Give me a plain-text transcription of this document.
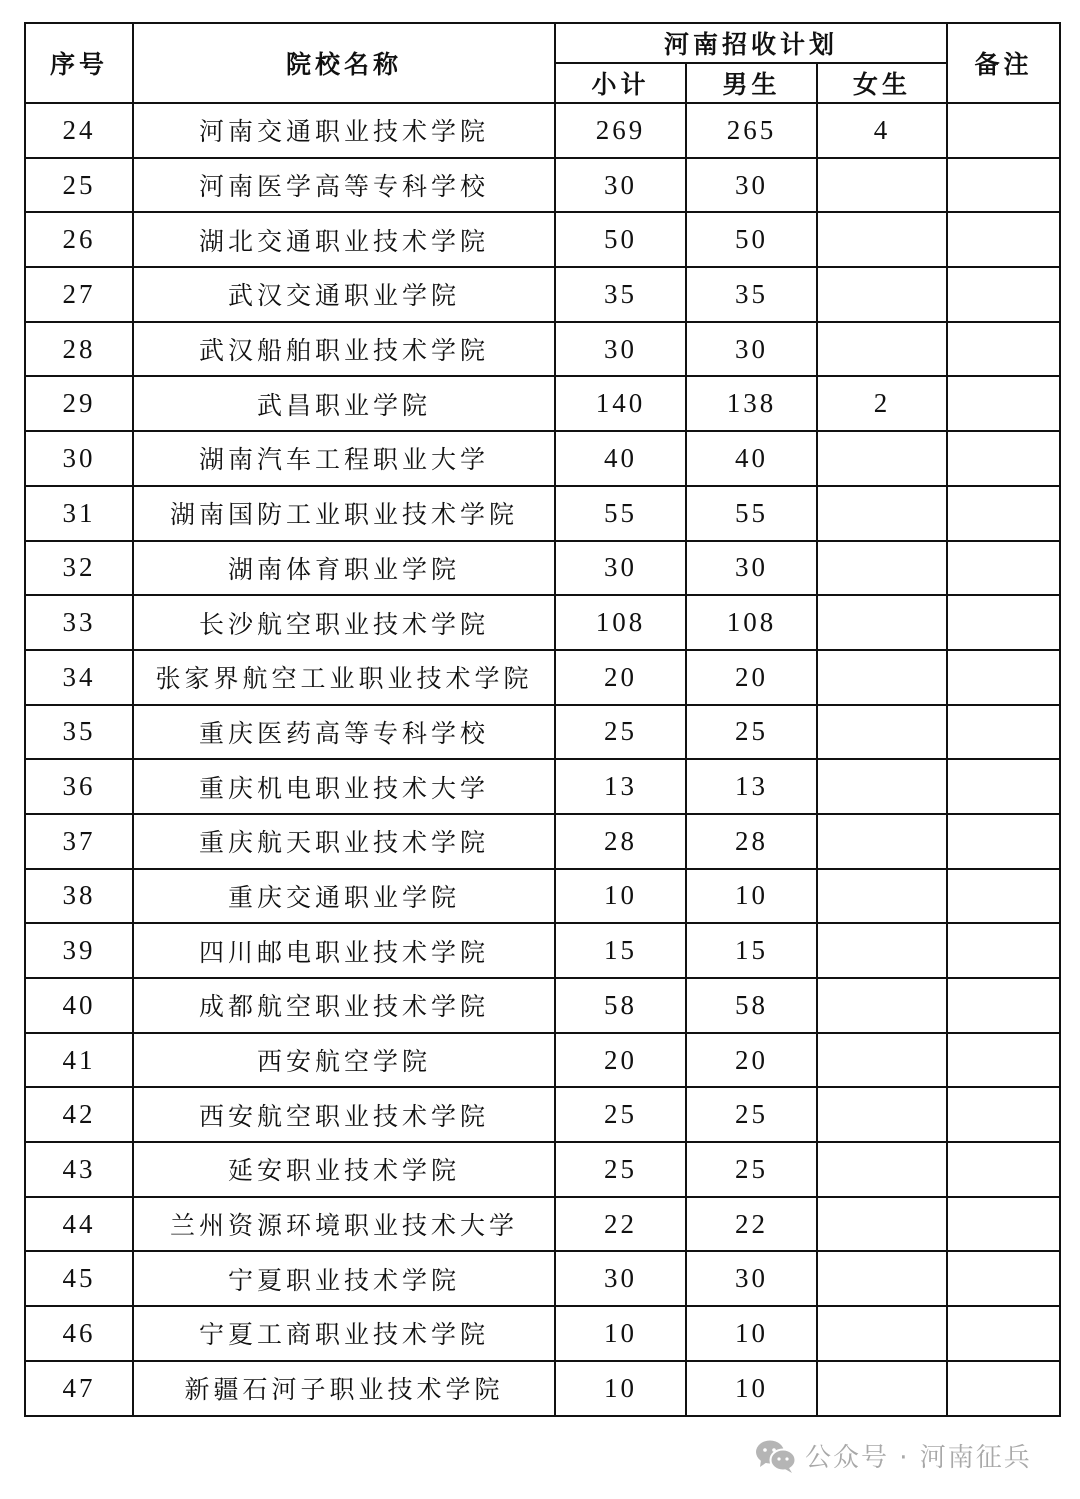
序号	院校名称	河南招收计划			备注
		小计	男生	女生	
24	河南交通职业技术学院	269	265	4	
25	河南医学高等专科学校	30	30		
26	湖北交通职业技术学院	50	50		
27	武汉交通职业学院	35	35		
28	武汉船舶职业技术学院	30	30		
29	武昌职业学院	140	138	2	
30	湖南汽车工程职业大学	40	40		
31	湖南国防工业职业技术学院	55	55		
32	湖南体育职业学院	30	30		
33	长沙航空职业技术学院	108	108		
34	张家界航空工业职业技术学院	20	20		
35	重庆医药高等专科学校	25	25		
36	重庆机电职业技术大学	13	13		
37	重庆航天职业技术学院	28	28		
38	重庆交通职业学院	10	10		
39	四川邮电职业技术学院	15	15		
40	成都航空职业技术学院	58	58		
41	西安航空学院	20	20		
42	西安航空职业技术学院	25	25		
43	延安职业技术学院	25	25		
44	兰州资源环境职业技术大学	22	22		
45	宁夏职业技术学院	30	30		
46	宁夏工商职业技术学院	10	10		
47	新疆石河子职业技术学院	10	10		
公众号 · 河南征兵
